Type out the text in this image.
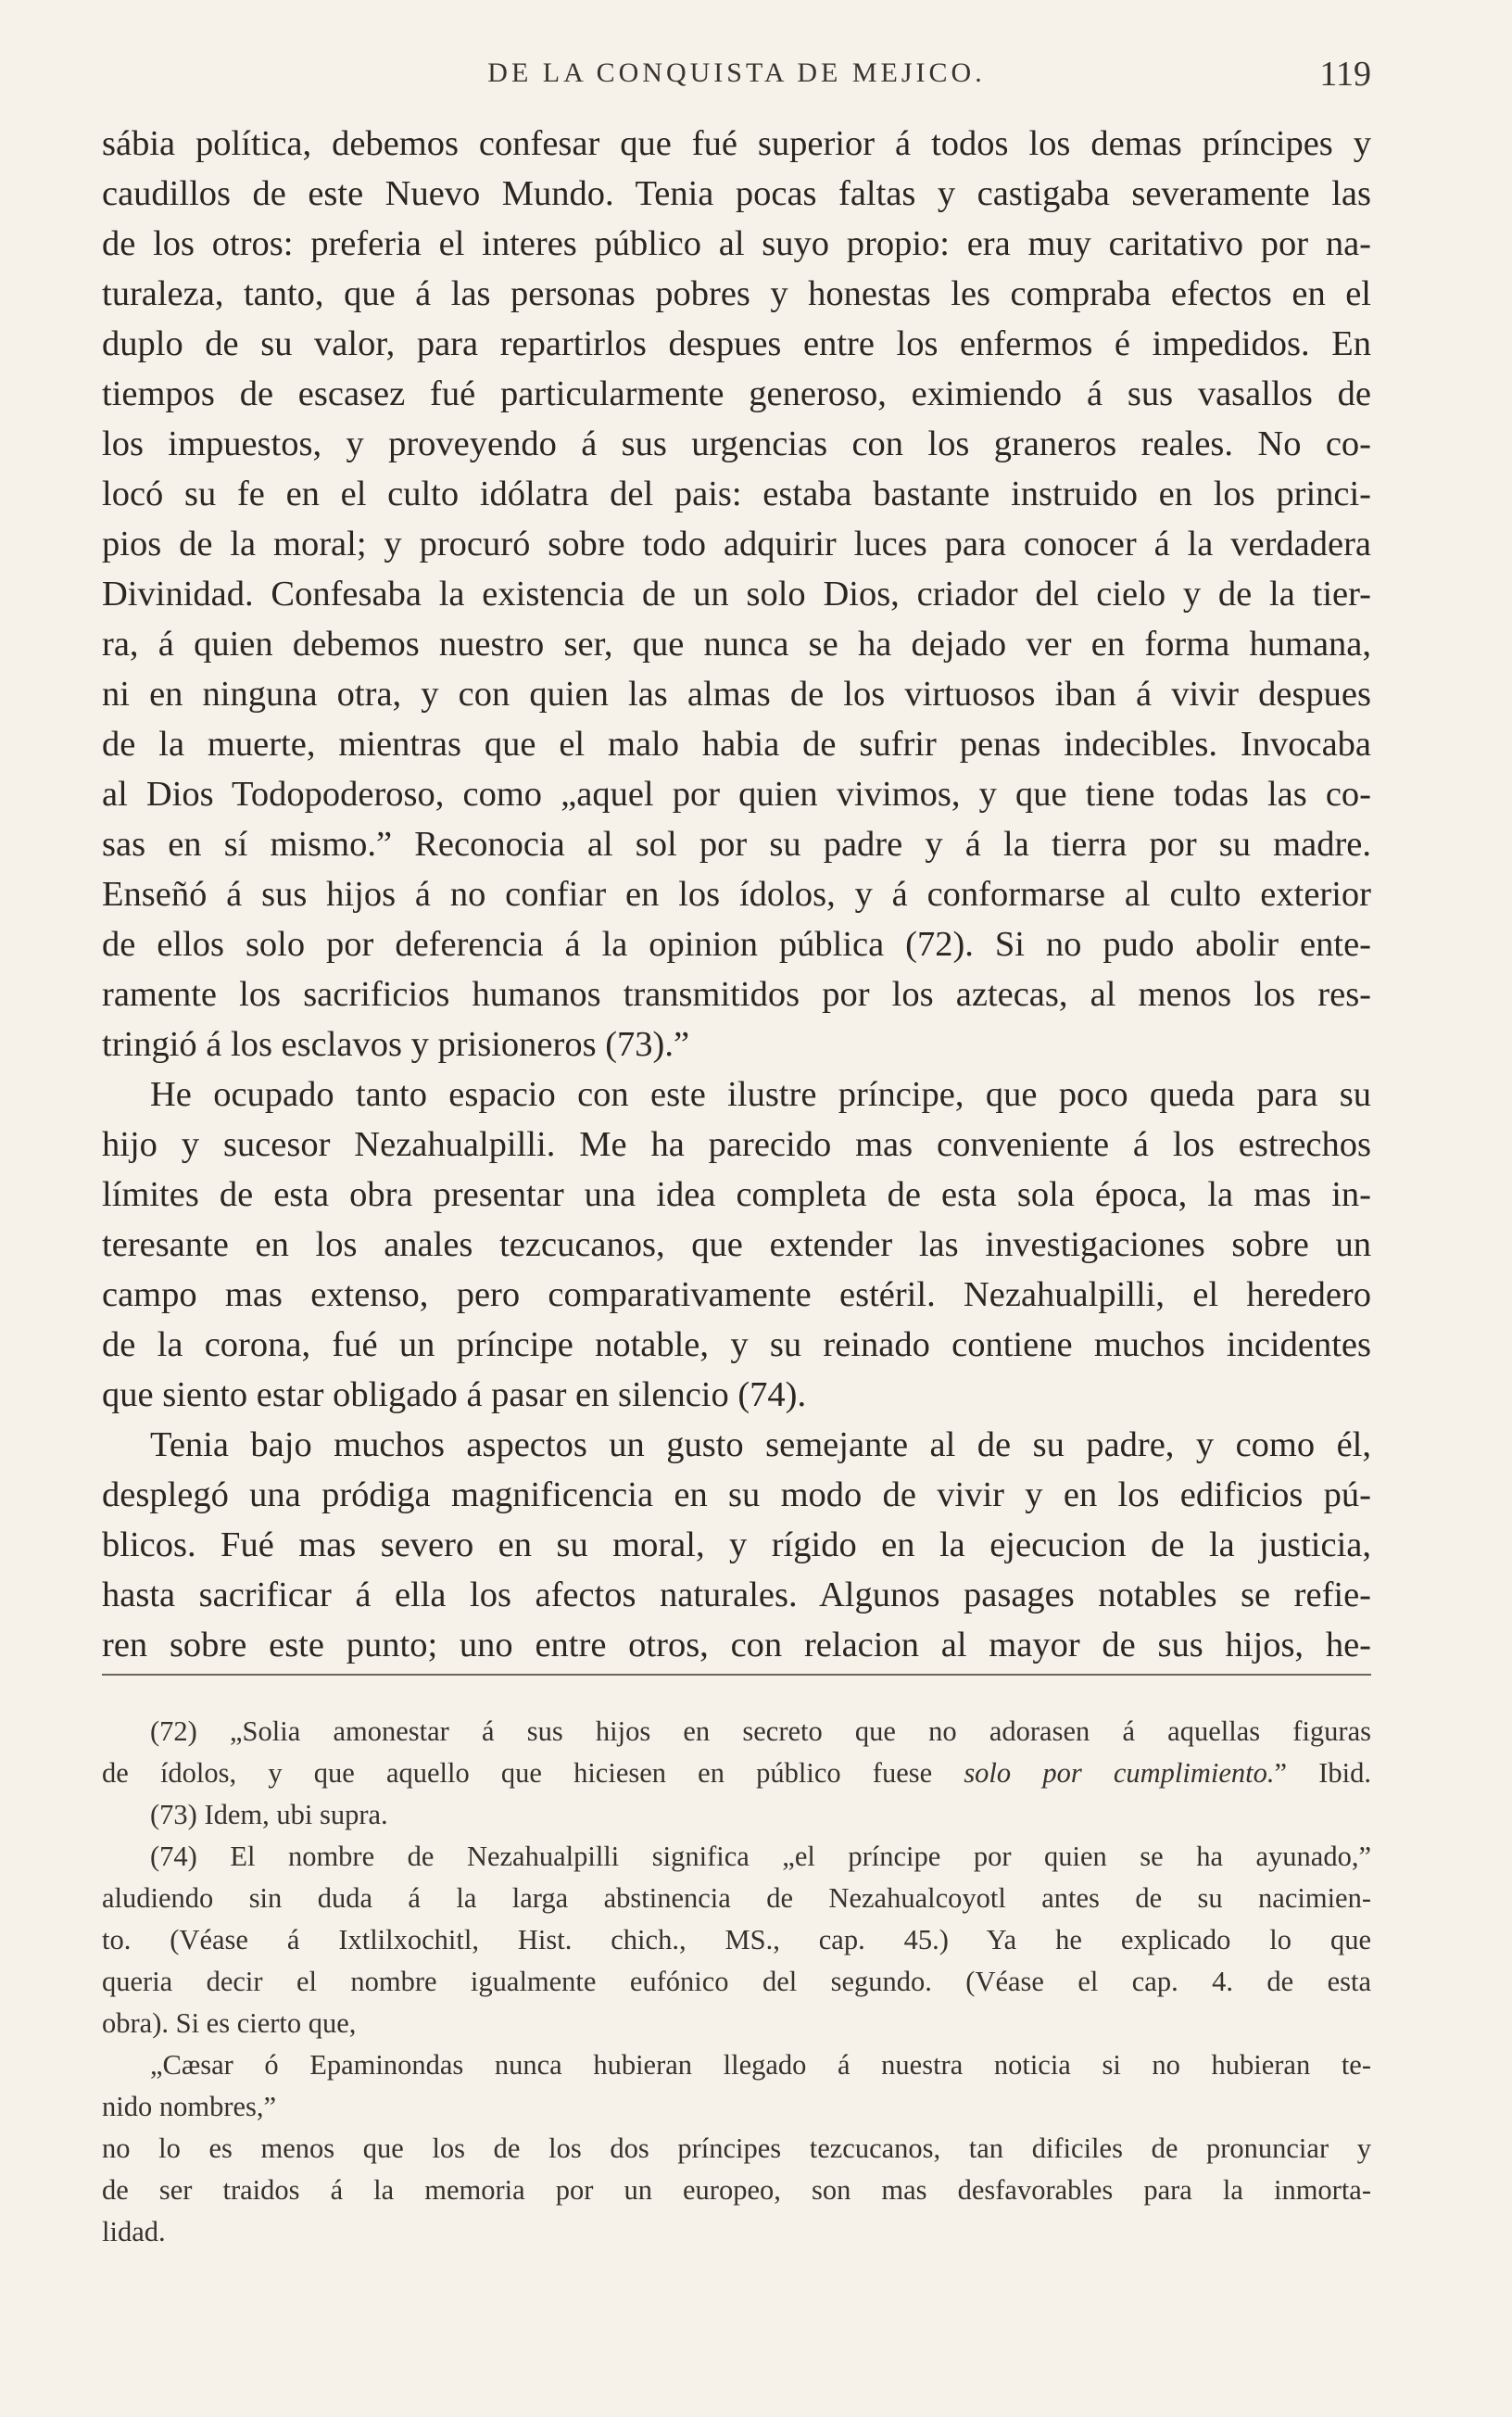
DE LA CONQUISTA DE MEJICO.	119
sábia política, debemos confesar que fué superior á todos los demas príncipes y
caudillos de este Nuevo Mundo. Tenia pocas faltas y castigaba severamente las
de los otros: preferia el interes público al suyo propio: era muy caritativo por na-
turaleza, tanto, que á las personas pobres y honestas les compraba efectos en el
duplo de su valor, para repartirlos despues entre los enfermos é impedidos. En
tiempos de escasez fué particularmente generoso, eximiendo á sus vasallos de
los impuestos, y proveyendo á sus urgencias con los graneros reales. No co-
locó su fe en el culto idólatra del pais: estaba bastante instruido en los princi-
pios de la moral; y procuró sobre todo adquirir luces para conocer á la verdadera
Divinidad. Confesaba la existencia de un solo Dios, criador del cielo y de la tier-
ra, á quien debemos nuestro ser, que nunca se ha dejado ver en forma humana,
ni en ninguna otra, y con quien las almas de los virtuosos iban á vivir despues
de la muerte, mientras que el malo habia de sufrir penas indecibles. Invocaba
al Dios Todopoderoso, como „aquel por quien vivimos, y que tiene todas las co-
sas en sí mismo.” Reconocia al sol por su padre y á la tierra por su madre.
Enseñó á sus hijos á no confiar en los ídolos, y á conformarse al culto exterior
de ellos solo por deferencia á la opinion pública (72). Si no pudo abolir ente-
ramente los sacrificios humanos transmitidos por los aztecas, al menos los res-
tringió á los esclavos y prisioneros (73).”
He ocupado tanto espacio con este ilustre príncipe, que poco queda para su
hijo y sucesor Nezahualpilli. Me ha parecido mas conveniente á los estrechos
límites de esta obra presentar una idea completa de esta sola época, la mas in-
teresante en los anales tezcucanos, que extender las investigaciones sobre un
campo mas extenso, pero comparativamente estéril. Nezahualpilli, el heredero
de la corona, fué un príncipe notable, y su reinado contiene muchos incidentes
que siento estar obligado á pasar en silencio (74).
Tenia bajo muchos aspectos un gusto semejante al de su padre, y como él,
desplegó una pródiga magnificencia en su modo de vivir y en los edificios pú-
blicos. Fué mas severo en su moral, y rígido en la ejecucion de la justicia,
hasta sacrificar á ella los afectos naturales. Algunos pasages notables se refie-
ren sobre este punto; uno entre otros, con relacion al mayor de sus hijos, he-
(72) „Solia amonestar á sus hijos en secreto que no adorasen á aquellas figuras
de ídolos, y que aquello que hiciesen en público fuese solo por cumplimiento.” Ibid.
(73) Idem, ubi supra.
(74) El nombre de Nezahualpilli significa „el príncipe por quien se ha ayunado,”
aludiendo sin duda á la larga abstinencia de Nezahualcoyotl antes de su nacimien-
to. (Véase á Ixtlilxochitl, Hist. chich., MS., cap. 45.) Ya he explicado lo que
queria decir el nombre igualmente eufónico del segundo. (Véase el cap. 4. de esta
obra). Si es cierto que,
„Cæsar ó Epaminondas nunca hubieran llegado á nuestra noticia si no hubieran te-
nido nombres,”
no lo es menos que los de los dos príncipes tezcucanos, tan dificiles de pronunciar y
de ser traidos á la memoria por un europeo, son mas desfavorables para la inmorta-
lidad.
